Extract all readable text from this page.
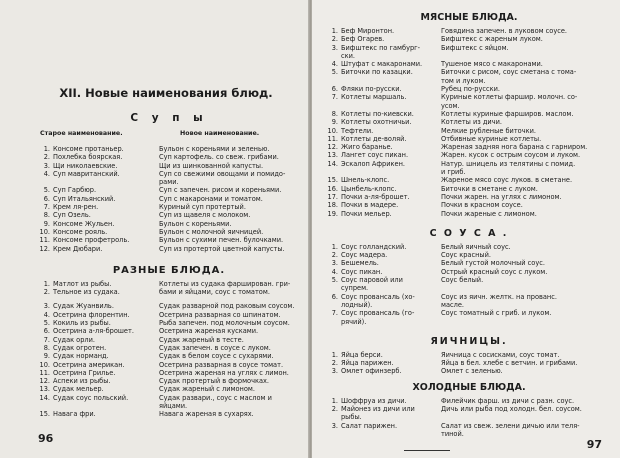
XII. Новые наименования блюд.
С у п ы
Старое наименование.	Новое наименование.
1. Консоме протаньер.	Бульон с кореньями и зеленью.
2. Похлебка боярская.	Суп картофель. со свеж. грибами.
3. Щи николаевские.	Щи из шинкованной капусты.
4. Суп мавританский.	Суп со свежими овощами и помидо-
рами.
5. Суп Гарбюр.	Суп с запечен. рисом и кореньями.
6. Суп Итальянский.	Суп с макаронами и томатом.
7. Крем ля-рен.	Куриный суп протертый.
8. Суп Озель.	Суп из щавеля с молоком.
9. Консоме Жульен.	Бульон с кореньями.
10. Консоме рояль.	Бульон с молочной яичницей.
11. Консоме профетроль.	Бульон с сухими печен. булочками.
12. Крем Дюбари.	Суп из протертой цветной капусты.
РАЗНЫЕ БЛЮДА.
1. Матлот из рыбы.	Котлеты из судака фарширован. гри-
2. Тельное из судака.	бами и яйцами, соус с томатом.
3. Судак Жуанвиль.	Судак разварной под раковым соусом.
4. Осетрина флорентин.	Осетрина разварная со шпинатом.
5. Кокиль из рыбы.	Рыба запечен. под молочным соусом.
6. Осетрина а-ля-брошет.	Осетрина жареная кусками.
7. Судак орли.	Судак жареный в тесте.
8. Судак огротен.	Судак запечен. в соусе с луком.
9. Судак норманд.	Судак в белом соусе с сухарями.
10. Осетрина американ.	Осетрина разварная в соусе томат.
11. Осетрина Грилье.	Осетрина жареная на углях с лимон.
12. Аспеки из рыбы.	Судак протертый в формочках.
13. Судак мельер.	Судак жареный с лимоном.
14. Судак соус польский.	Судак развари., соус с маслом и яйцами.
15. Навага фри.	Навага жареная в сухарях.
96
МЯСНЫЕ БЛЮДА.
1. Беф Миронтон.	Говядина запечен. в луковом соусе.
2. Беф Огарев.	Бифштекс с жареным луком.
3. Бифштекс по гамбург-	Бифштекс с яйцом.
ски.
4. Штуфат с макаронами.	Тушеное мясо с макаронами.
5. Биточки по казацки.	Биточки с рисом, соус сметана с тома-
том и луком.
6. Фляки по-русски.	Рубец по-русски.
7. Котлеты маршаль.	Куриные котлеты фаршир. молочн. со-
усом.
8. Котлеты по-киевски.	Котлеты куриные фарширов. маслом.
9. Котлеты охотничьи.	Котлеты из дичи.
10. Тефтели.	Мелкие рубленые биточки.
11. Котлеты де-воляй.	Отбивные куриные котлеты.
12. Жиго баранье.	Жареная задняя нога барана с гарниром.
13. Лангет соус пикан.	Жарен. кусок с острым соусом и луком.
14. Эскалоп Африкен.	Натур. шницель из телятины с помид.
и гриб.
15. Шнель-клопс.	Жареное мясо соус луков. в сметане.
16. Цынбель-клопс.	Биточки в сметане с луком.
17. Почки а-ля-брошет.	Почки жарен. на углях с лимоном.
18. Почки в мадере.	Почки в красном соусе.
19. Почки мельер.	Почки жареные с лимоном.
С О У С А .
1. Соус голландский.	Белый яичный соус.
2. Соус мадера.	Соус красный.
3. Бешемель.	Белый густой молочный соус.
4. Соус пикан.	Острый красный соус с луком.
5. Соус паровой или	Соус белый.
супрем.
6. Соус провансаль (хо-	Соус из яичн. желтк. на прованс.
лодный).	масле.
7. Соус провансаль (го-	Соус томатный с гриб. и луком.
рячий).
ЯИЧНИЦЫ.
1. Яйца берси.	Яичница с сосисками, соус томат.
2. Яйца парижен.	Яйца в бел. хлебе с ветчин. и грибами.
3. Омлет офинзерб.	Омлет с зеленью.
ХОЛОДНЫЕ БЛЮДА.
1. Шоффруа из дичи.	Филейчик фарш. из дичи с разн. соус.
2. Майонез из дичи или	Дичь или рыба под холодн. бел. соусом.
рыбы.
3. Салат парижен.	Салат из свеж. зелени дичью или теля-
тиной.
97
